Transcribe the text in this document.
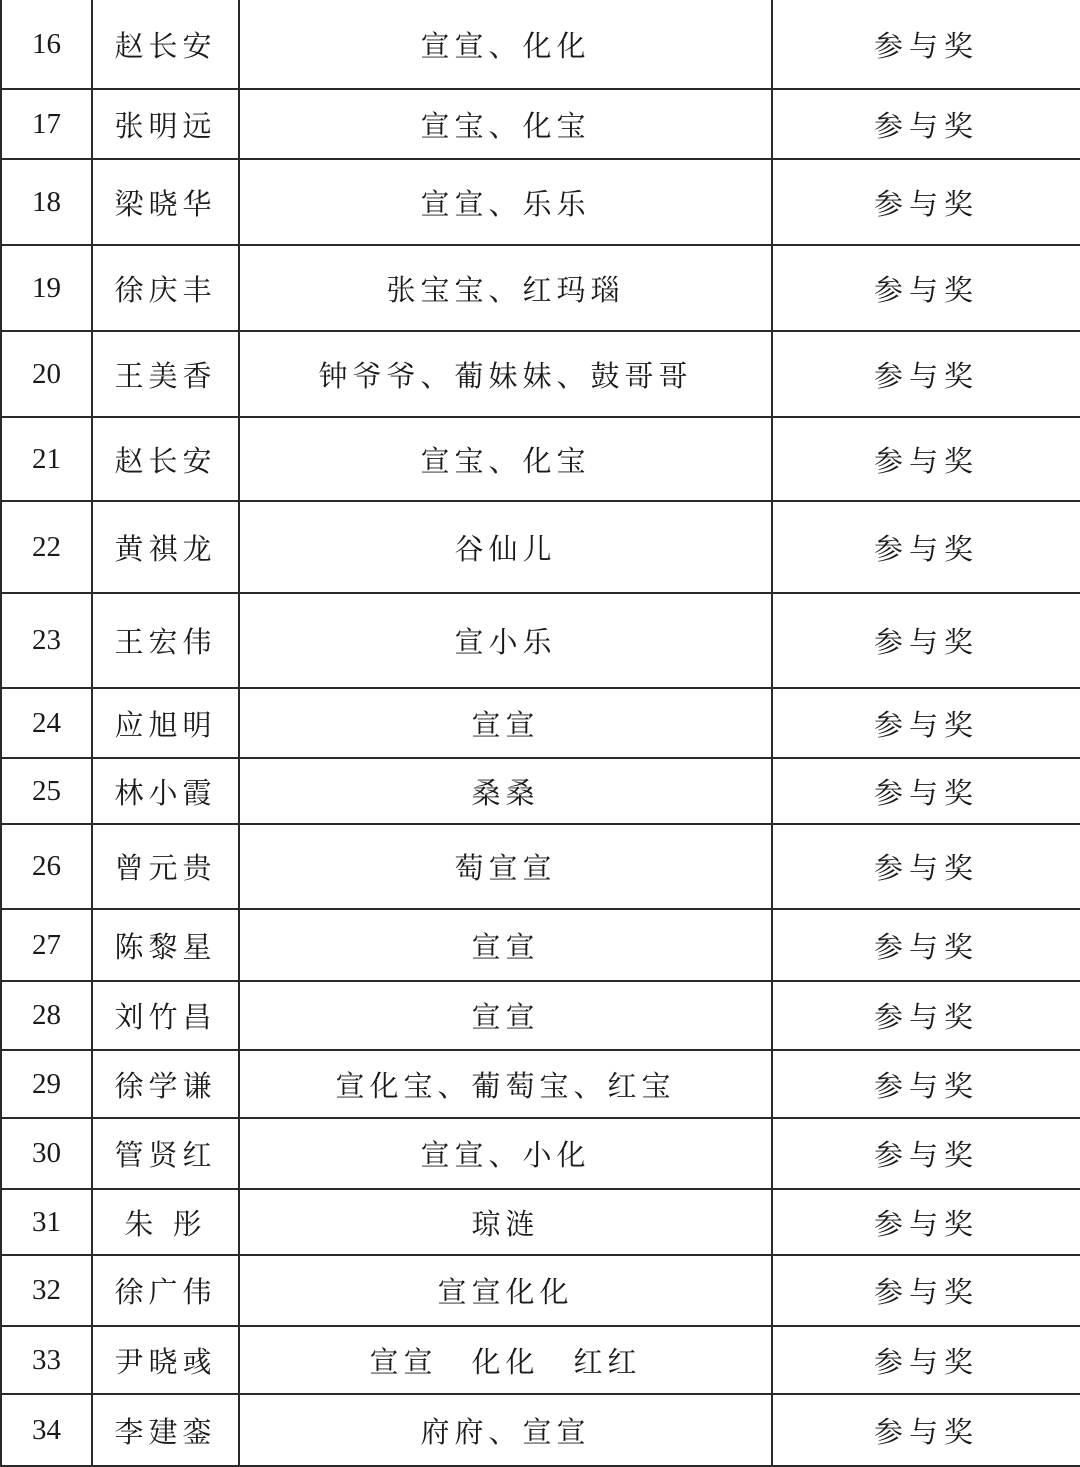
16	赵长安	宣宣、化化	参与奖
17	张明远	宣宝、化宝	参与奖
18	梁晓华	宣宣、乐乐	参与奖
19	徐庆丰	张宝宝、红玛瑙	参与奖
20	王美香	钟爷爷、葡妹妹、鼓哥哥	参与奖
21	赵长安	宣宝、化宝	参与奖
22	黄祺龙	谷仙儿	参与奖
23	王宏伟	宣小乐	参与奖
24	应旭明	宣宣	参与奖
25	林小霞	桑桑	参与奖
26	曾元贵	萄宣宣	参与奖
27	陈黎星	宣宣	参与奖
28	刘竹昌	宣宣	参与奖
29	徐学谦	宣化宝、葡萄宝、红宝	参与奖
30	管贤红	宣宣、小化	参与奖
31	朱 彤	琼涟	参与奖
32	徐广伟	宣宣化化	参与奖
33	尹晓彧	宣宣　化化　红红	参与奖
34	李建銮	府府、宣宣	参与奖
